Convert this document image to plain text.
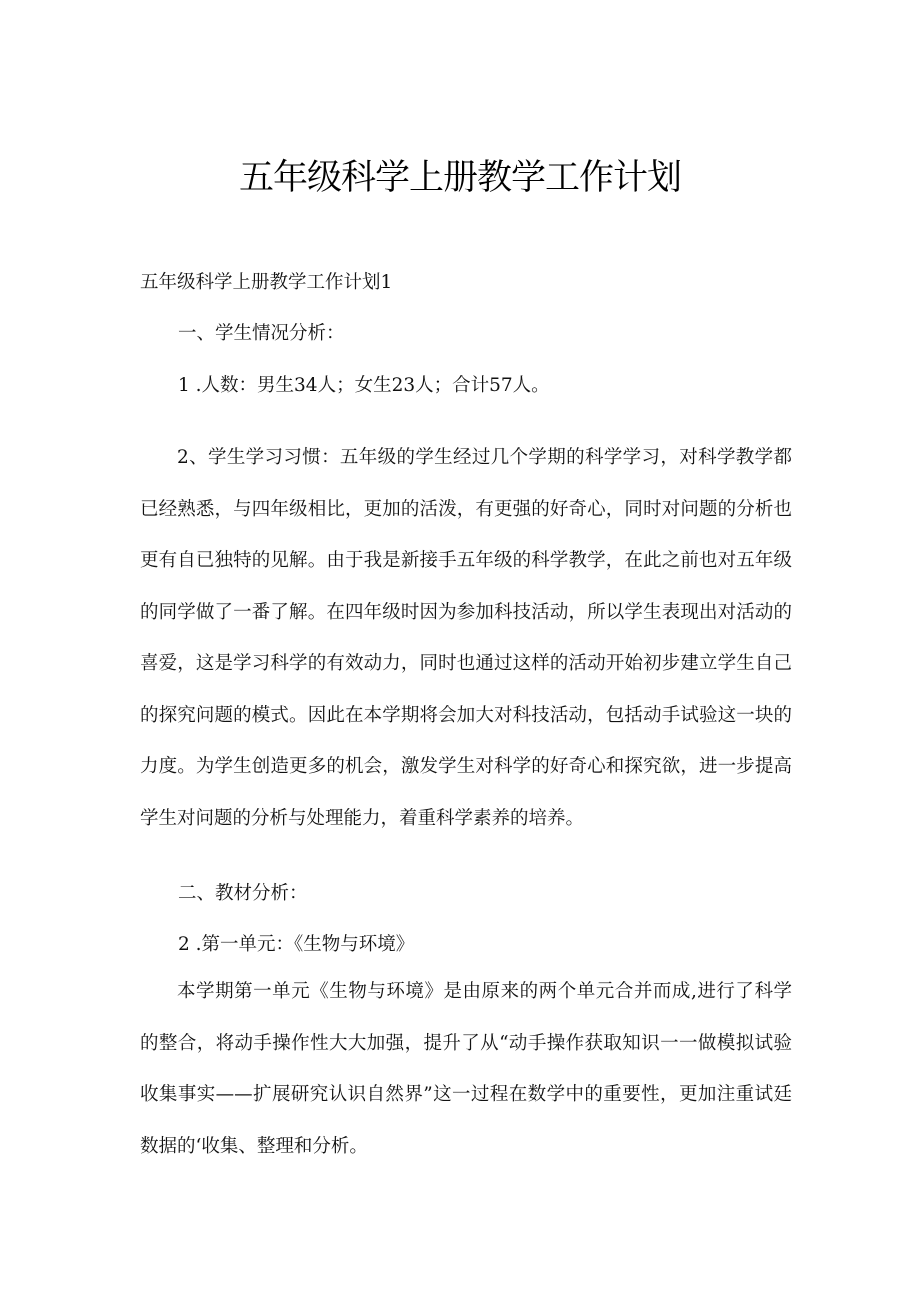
五年级科学上册教学工作计划
五年级科学上册教学工作计划1
一、学生情况分析：
1 .人数：男生34人；女生23人；合计57人。
2、学生学习习惯：五年级的学生经过几个学期的科学学习，对科学教学都已经熟悉，与四年级相比，更加的活泼，有更强的好奇心，同时对问题的分析也更有自已独特的见解。由于我是新接手五年级的科学教学，在此之前也对五年级的同学做了一番了解。在四年级时因为参加科技活动，所以学生表现出对活动的喜爱，这是学习科学的有效动力，同时也通过这样的活动开始初步建立学生自己的探究问题的模式。因此在本学期将会加大对科技活动，包括动手试验这一块的力度。为学生创造更多的机会，激发学生对科学的好奇心和探究欲，进一步提高学生对问题的分析与处理能力，着重科学素养的培养。
二、教材分析：
2 .第一单元：《生物与环境》
本学期第一单元《生物与环境》是由原来的两个单元合并而成,进行了科学的整合，将动手操作性大大加强，提升了从“动手操作获取知识一一做模拟试验收集事实——扩展研究认识自然界”这一过程在数学中的重要性，更加注重试廷数据的‘收集、整理和分析。
